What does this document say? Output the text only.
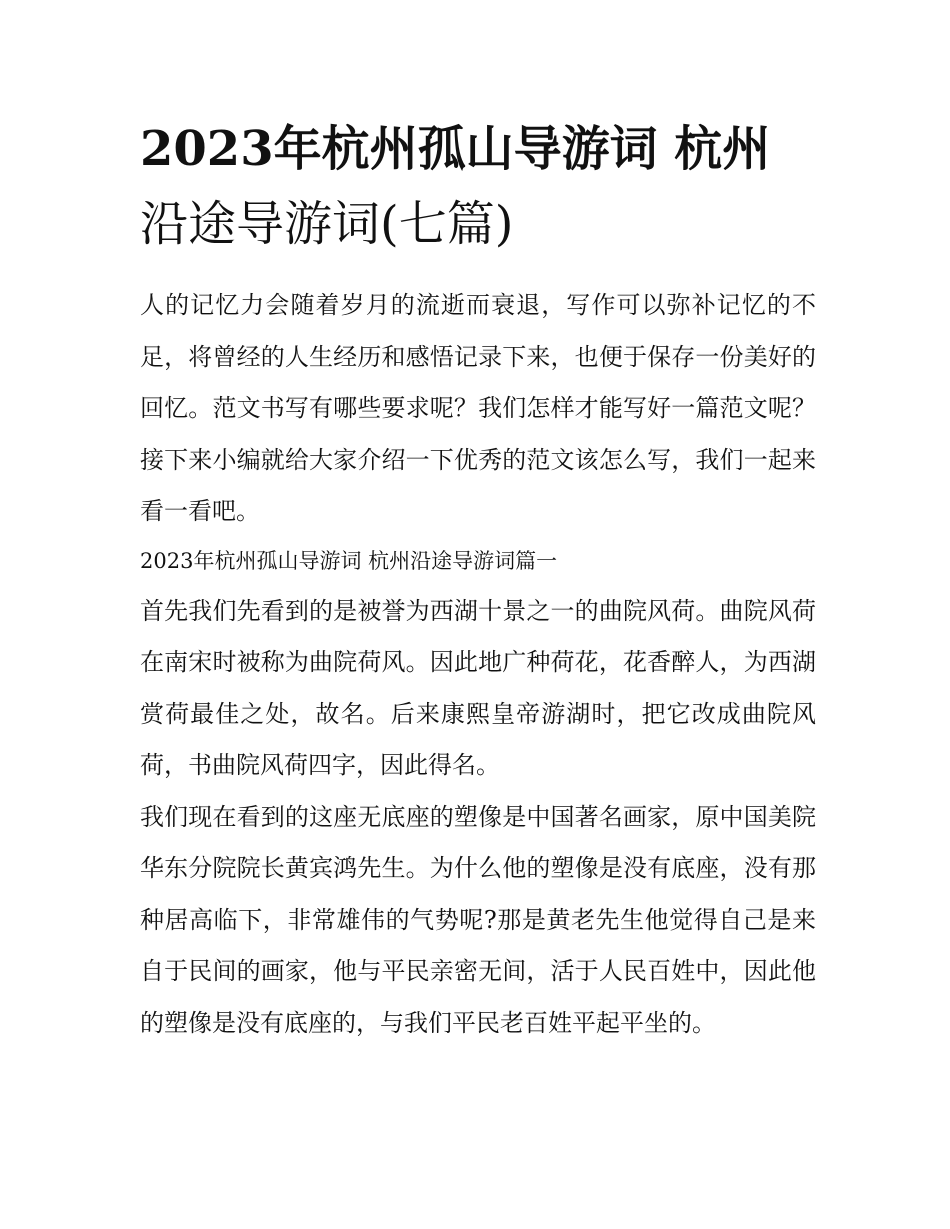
2023年杭州孤山导游词 杭州
沿途导游词(七篇)

人的记忆力会随着岁月的流逝而衰退，写作可以弥补记忆的不足，将曾经的人生经历和感悟记录下来，也便于保存一份美好的回忆。范文书写有哪些要求呢？我们怎样才能写好一篇范文呢？接下来小编就给大家介绍一下优秀的范文该怎么写，我们一起来看一看吧。

2023年杭州孤山导游词 杭州沿途导游词篇一

首先我们先看到的是被誉为西湖十景之一的曲院风荷。曲院风荷在南宋时被称为曲院荷风。因此地广种荷花，花香醉人，为西湖赏荷最佳之处，故名。后来康熙皇帝游湖时，把它改成曲院风荷，书曲院风荷四字，因此得名。

我们现在看到的这座无底座的塑像是中国著名画家，原中国美院华东分院院长黄宾鸿先生。为什么他的塑像是没有底座，没有那种居高临下，非常雄伟的气势呢?那是黄老先生他觉得自己是来自于民间的画家，他与平民亲密无间，活于人民百姓中，因此他的塑像是没有底座的，与我们平民老百姓平起平坐的。
